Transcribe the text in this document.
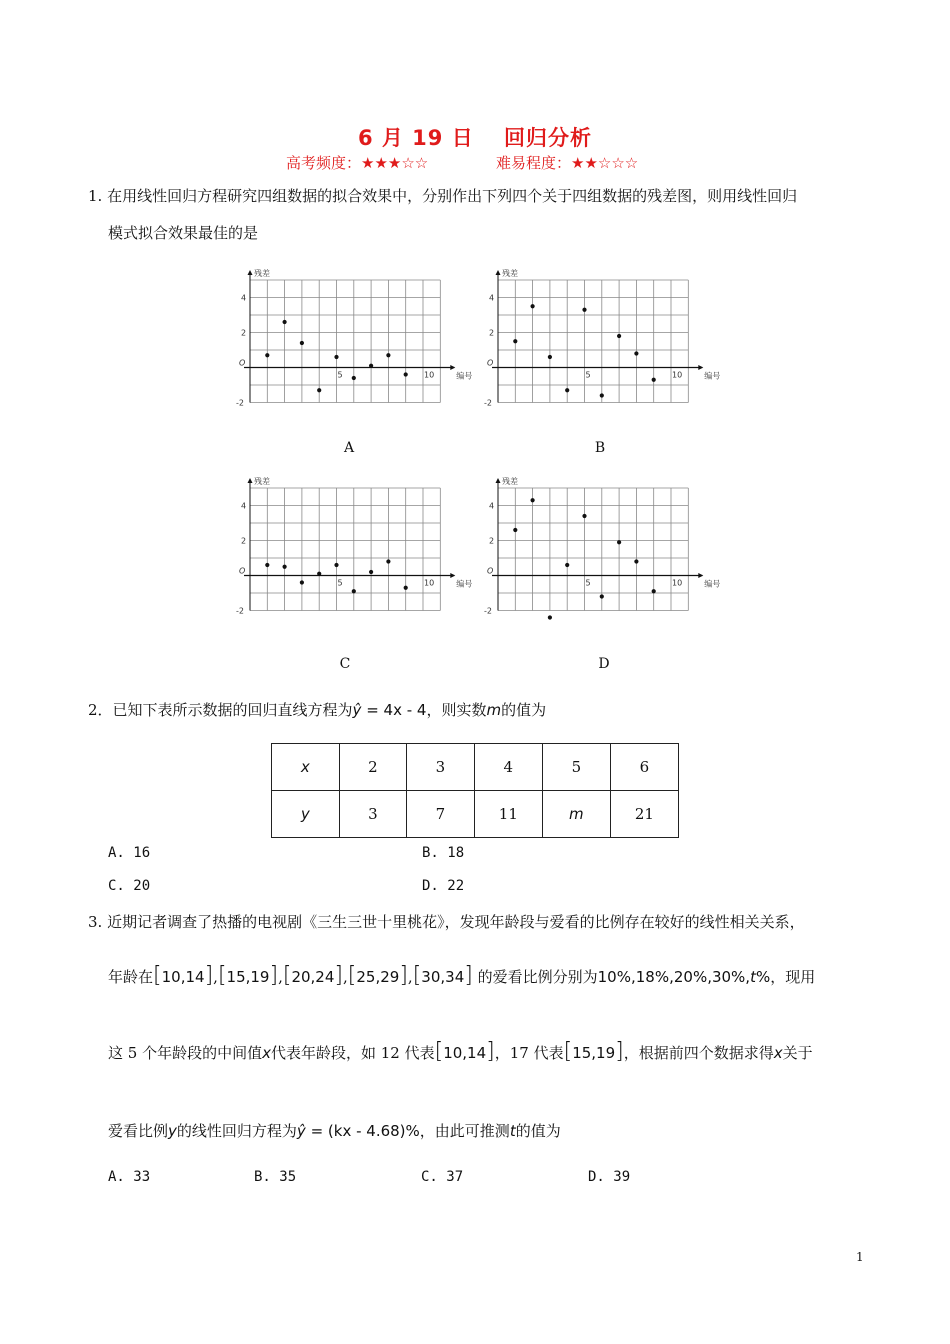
6 月 19 日　 回归分析
高考频度：★★★☆☆	难易程度：★★☆☆☆
1. 在用线性回归方程研究四组数据的拟合效果中，分别作出下列四个关于四组数据的残差图，则用线性回归
模式拟合效果最佳的是
残差
编号
O
4
2
-2
5	10
残差
编号
O
4
2
-2
5	10
残差
编号
O
4
2
-2
5	10
残差
编号
O
4
2
-2
5	10
A	B
C	D
2．已知下表所示数据的回归直线方程为ŷ = 4x - 4，则实数m的值为
x	2	3	4	5	6
y	3	7	11	m	21
A. 16	B. 18
C. 20	D. 22
3. 近期记者调查了热播的电视剧《三生三世十里桃花》，发现年龄段与爱看的比例存在较好的线性相关关系，
年龄在[10,14],[15,19],[20,24],[25,29],[30,34] 的爱看比例分别为10%,18%,20%,30%,t%，现用
这 5 个年龄段的中间值x代表年龄段，如 12 代表[10,14]，17 代表[15,19]，根据前四个数据求得x关于
爱看比例y的线性回归方程为ŷ = (kx - 4.68)%，由此可推测t的值为
A. 33	B. 35	C. 37	D. 39
1
